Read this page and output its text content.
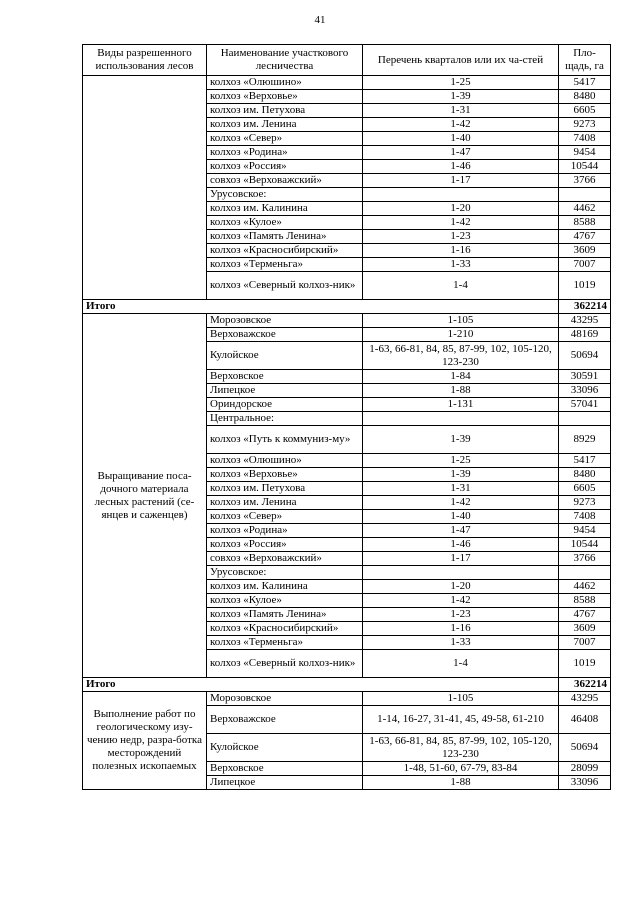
41
Виды разрешенного использования лесов	Наименование участкового лесничества	Перечень кварталов или их ча-стей	Пло-щадь, га
	колхоз «Олюшино»	1-25	5417
	колхоз «Верховье»	1-39	8480
	колхоз им. Петухова	1-31	6605
	колхоз им. Ленина	1-42	9273
	колхоз «Север»	1-40	7408
	колхоз «Родина»	1-47	9454
	колхоз «Россия»	1-46	10544
	совхоз «Верховажский»	1-17	3766
	Урусовское:		
	колхоз им. Калинина	1-20	4462
	колхоз «Кулое»	1-42	8588
	колхоз «Память Ленина»	1-23	4767
	колхоз «Красносибирский»	1-16	3609
	колхоз «Терменьга»	1-33	7007
	колхоз «Северный колхоз-ник»	1-4	1019
Итого			362214
Выращивание поса-дочного материала лесных растений (се-янцев и саженцев)	Морозовское	1-105	43295
	Верховажское	1-210	48169
	Кулойское	1-63, 66-81, 84, 85, 87-99, 102, 105-120, 123-230	50694
	Верховское	1-84	30591
	Липецкое	1-88	33096
	Ориндорское	1-131	57041
	Центральное:		
	колхоз «Путь к коммуниз-му»	1-39	8929
	колхоз «Олюшино»	1-25	5417
	колхоз «Верховье»	1-39	8480
	колхоз им. Петухова	1-31	6605
	колхоз им. Ленина	1-42	9273
	колхоз «Север»	1-40	7408
	колхоз «Родина»	1-47	9454
	колхоз «Россия»	1-46	10544
	совхоз «Верховажский»	1-17	3766
	Урусовское:		
	колхоз им. Калинина	1-20	4462
	колхоз «Кулое»	1-42	8588
	колхоз «Память Ленина»	1-23	4767
	колхоз «Красносибирский»	1-16	3609
	колхоз «Терменьга»	1-33	7007
	колхоз «Северный колхоз-ник»	1-4	1019
Итого			362214
Выполнение работ по геологическому изу-чению недр, разра-ботка месторождений полезных ископаемых	Морозовское	1-105	43295
	Верховажское	1-14, 16-27, 31-41, 45, 49-58, 61-210	46408
	Кулойское	1-63, 66-81, 84, 85, 87-99, 102, 105-120, 123-230	50694
	Верховское	1-48, 51-60, 67-79, 83-84	28099
	Липецкое	1-88	33096
